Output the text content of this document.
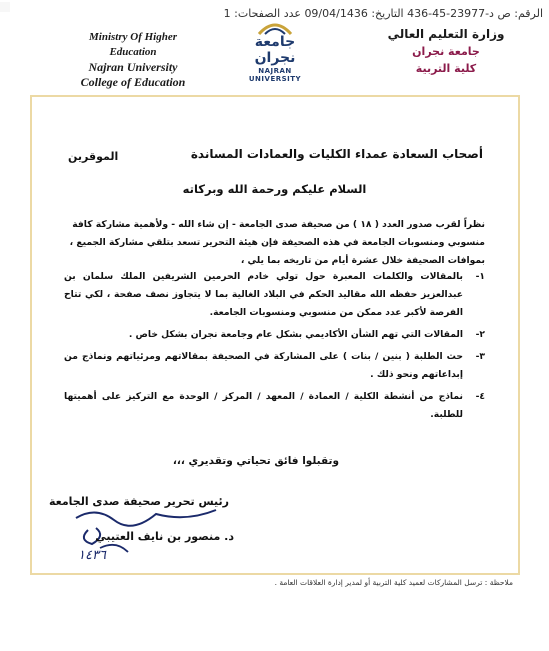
الرقم: ص د-23977-45-436 التاريخ: 09/04/1436 عدد الصفحات: 1
Ministry Of Higher Education
Najran University
College of Education
جامعة نجران
NAJRAN UNIVERSITY
وزارة التعليم العالي
جامعة نجران
كلية التربية
أصحاب السعادة عمداء الكليات والعمادات المساندة
الموقرين
السلام عليكم ورحمة الله وبركاته
نظراً لقرب صدور العدد ( ١٨ ) من صحيفة صدى الجامعة - إن شاء الله - ولأهمية مشاركة كافة منسوبي ومنسوبات الجامعة في هذه الصحيفة فإن هيئة التحرير تسعد بتلقي مشاركة الجميع ، بموافات الصحيفة خلال عشرة أيام من تاريخه بما يلي ،
١-
بالمقالات والكلمات المعبرة حول تولي خادم الحرمين الشريفين الملك سلمان بن عبدالعزيز حفظه الله مقاليد الحكم في البلاد الغالية بما لا يتجاوز نصف صفحة ، لكي تتاح الفرصة لأكبر عدد ممكن من منسوبي ومنسوبات الجامعة.
٢-
المقالات التي تهم الشأن الأكاديمي بشكل عام وجامعة نجران بشكل خاص .
٣-
حث الطلبة ( بنين / بنات ) على المشاركة في الصحيفة بمقالاتهم ومرئياتهم ونماذج من إبداعاتهم ونحو ذلك .
٤-
نماذج من أنشطة الكلية / العمادة / المعهد / المركز / الوحدة مع التركيز على أهميتها للطلبة.
وتقبلوا فائق تحياتي وتقديري ،،،
رئيس تحرير صحيفة صدى الجامعة
د. منصور بن نايف العتيبي
١٤٣٦
ملاحظة : ترسل المشاركات لعميد كلية التربية أو لمدير إدارة العلاقات العامة .
